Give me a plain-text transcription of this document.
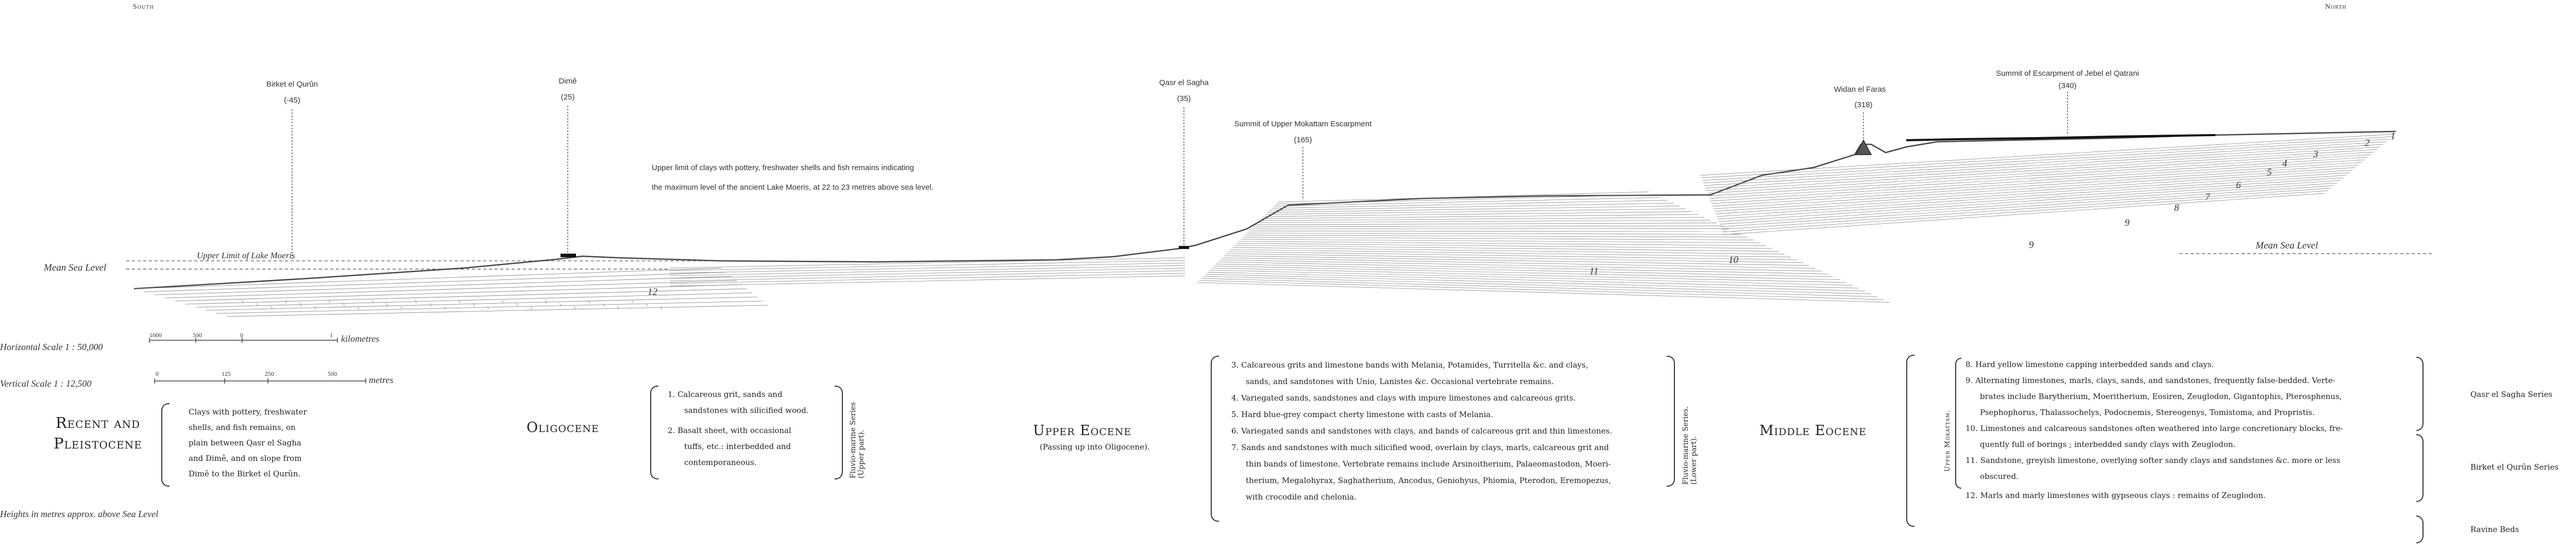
South	North
Birket el Qurûn
(-45)
Dimê
(25)
Qasr el Sagha
(35)
Widan el Faras
(318)
Summit of Escarpment of Jebel el Qatrani
(340)
Summit of Upper Mokattam Escarpment
(165)
Upper limit of clays with pottery, freshwater shells and fish remains indicating
the maximum level of the ancient Lake Moeris, at 22 to 23 metres above sea level.
Mean Sea Level
Mean Sea Level
Upper Limit of Lake Moeris
1
2
3
4
5
6
7
8
9
9
10
11
12
Horizontal Scale 1 : 50,000
1000	500	0	1 kilometres
Vertical Scale 1 : 12,500
0	125	250	500
metres
Heights in metres approx. above Sea Level
Recent and
Pleistocene
Clays with pottery, freshwater
shells, and fish remains, on
plain between Qasr el Sagha
and Dimê, and on slope from
Dimê to the Birket el Qurûn.
Oligocene
1. Calcareous grit, sands and
sandstones with silicified wood.
2. Basalt sheet, with occasional
tuffs, etc.: interbedded and
contemporaneous.	Fluvio-marine Series
(Upper part).	Upper Eocene
(Passing up into Oligocene).
3. Calcareous grits and limestone bands with Melania, Potamides, Turritella &c. and clays,
sands, and sandstones with Unio, Lanistes &c. Occasional vertebrate remains.
4. Variegated sands, sandstones and clays with impure limestones and calcareous grits.
5. Hard blue-grey compact cherty limestone with casts of Melania.
6. Variegated sands and sandstones with clays, and bands of calcareous grit and thin limestones.
7. Sands and sandstones with much silicified wood, overlain by clays, marls, calcareous grit and
thin bands of limestone. Vertebrate remains include Arsinoitherium, Palaeomastodon, Moeri-
therium, Megalohyrax, Saghatherium, Ancodus, Geniohyus, Phiomia, Pterodon, Eremopezus,
with crocodile and chelonia.
Fluvio-marine Series.
(Lower part).
Middle Eocene	Upper Mokattam.
8. Hard yellow limestone capping interbedded sands and clays.
9. Alternating limestones, marls, clays, sands, and sandstones, frequently false-bedded. Verte-
brates include Barytherium, Moeritherium, Eosiren, Zeuglodon, Gigantophis, Pterosphenus,
Psephophorus, Thalassochelys, Podocnemis, Stereogenys, Tomistoma, and Propristis.
10. Limestones and calcareous sandstones often weathered into large concretionary blocks, fre-
quently full of borings ; interbedded sandy clays with Zeuglodon.
11. Sandstone, greyish limestone, overlying softer sandy clays and sandstones &c. more or less
obscured.
12. Marls and marly limestones with gypseous clays : remains of Zeuglodon.
Qasr el Sagha Series
Birket el Qurûn Series
Ravine Beds
